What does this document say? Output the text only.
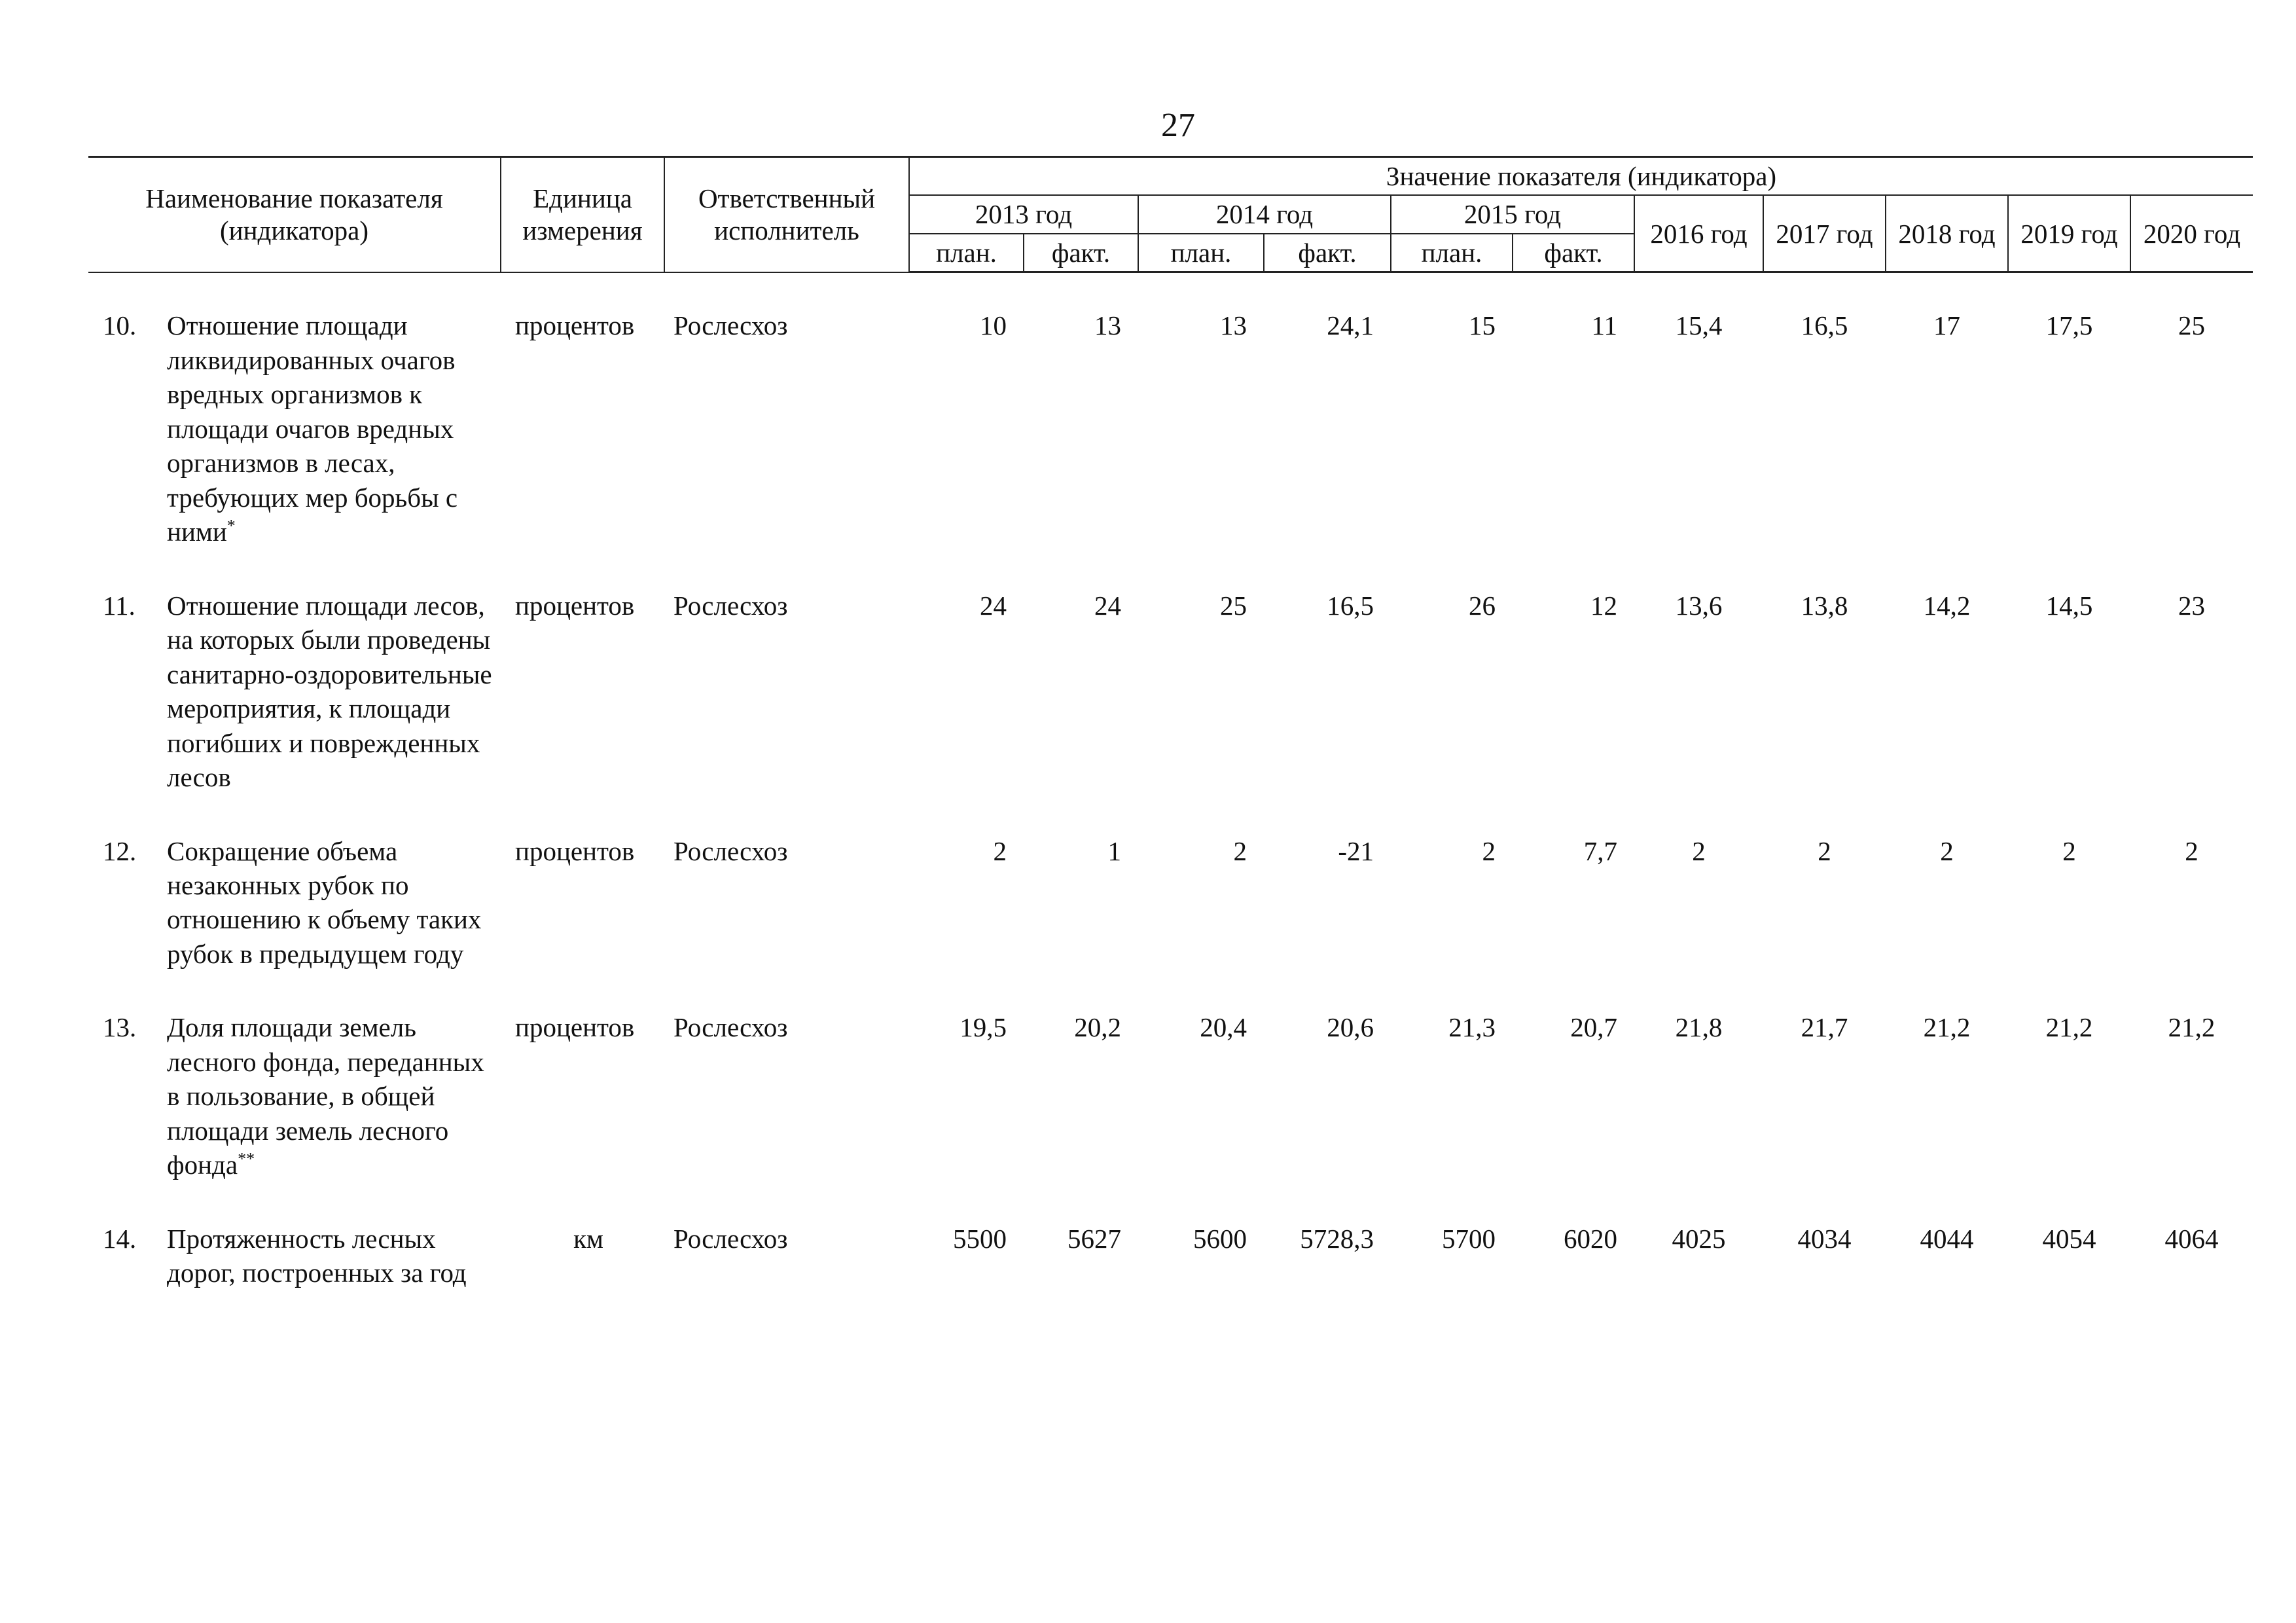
27
Наименование показателя (индикатора)	Единица измерения	Ответственный исполнитель	Значение показателя (индикатора)										
			2013 год		2014 год		2015 год		2016 год	2017 год	2018 год	2019 год	2020 год
			план.	факт.	план.	факт.	план.	факт.					

10. Отношение площади ликвидированных очагов вредных организмов к площади очагов вредных организмов в лесах, требующих мер борьбы с ними*	процентов	Рослесхоз	10	13	13	24,1	15	11	15,4	16,5	17	17,5	25

11. Отношение площади лесов, на которых были проведены санитарно-оздоровительные мероприятия, к площади погибших и поврежденных лесов	процентов	Рослесхоз	24	24	25	16,5	26	12	13,6	13,8	14,2	14,5	23

12. Сокращение объема незаконных рубок по отношению к объему таких рубок в предыдущем году	процентов	Рослесхоз	2	1	2	-21	2	7,7	2	2	2	2	2

13. Доля площади земель лесного фонда, переданных в пользование, в общей площади земель лесного фонда**	процентов	Рослесхоз	19,5	20,2	20,4	20,6	21,3	20,7	21,8	21,7	21,2	21,2	21,2

14. Протяженность лесных дорог, построенных за год	км	Рослесхоз	5500	5627	5600	5728,3	5700	6020	4025	4034	4044	4054	4064
